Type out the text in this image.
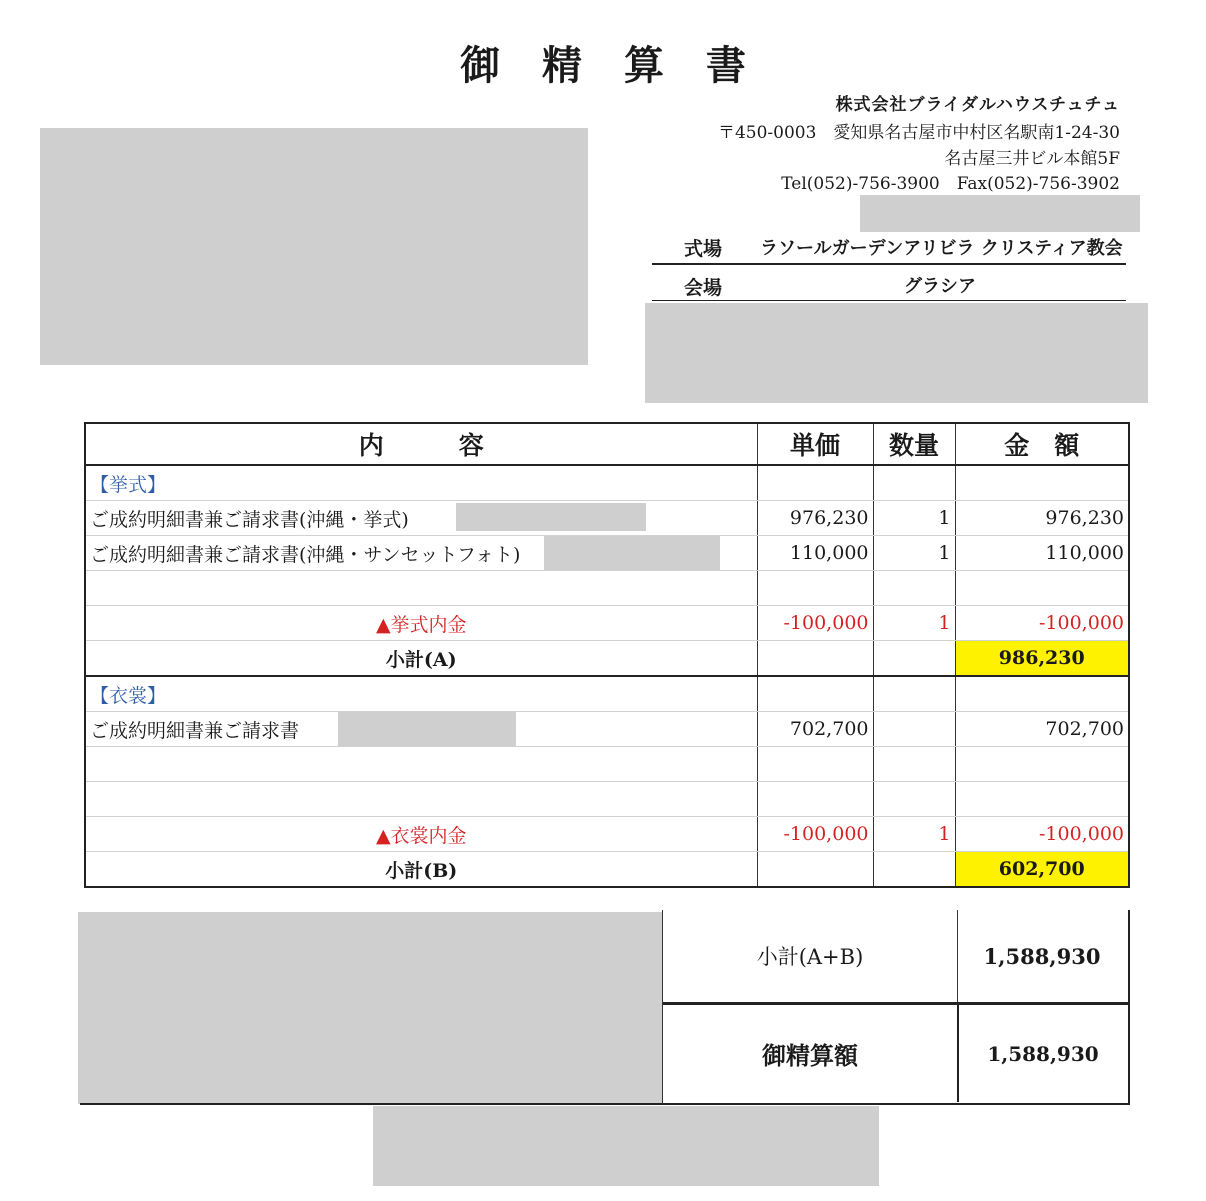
御 精 算 書
株式会社ブライダルハウスチュチュ
〒450-0003　愛知県名古屋市中村区名駅南1-24-30
名古屋三井ビル本館5F
Tel(052)-756-3900　Fax(052)-756-3902
式場 ラソールガーデンアリビラ クリスティア教会
会場	グラシア
内　　　容	単価	数量	金　額
【挙式】			
ご成約明細書兼ご請求書(沖縄・挙式)	976,230	1	976,230
ご成約明細書兼ご請求書(沖縄・サンセットフォト)	110,000	1	110,000

▲挙式内金	-100,000	1	-100,000
小計(A)			986,230
【衣裳】			
ご成約明細書兼ご請求書	702,700		702,700

▲衣裳内金	-100,000	1	-100,000
小計(B)			602,700
小計(A+B)	1,588,930
御精算額	1,588,930
